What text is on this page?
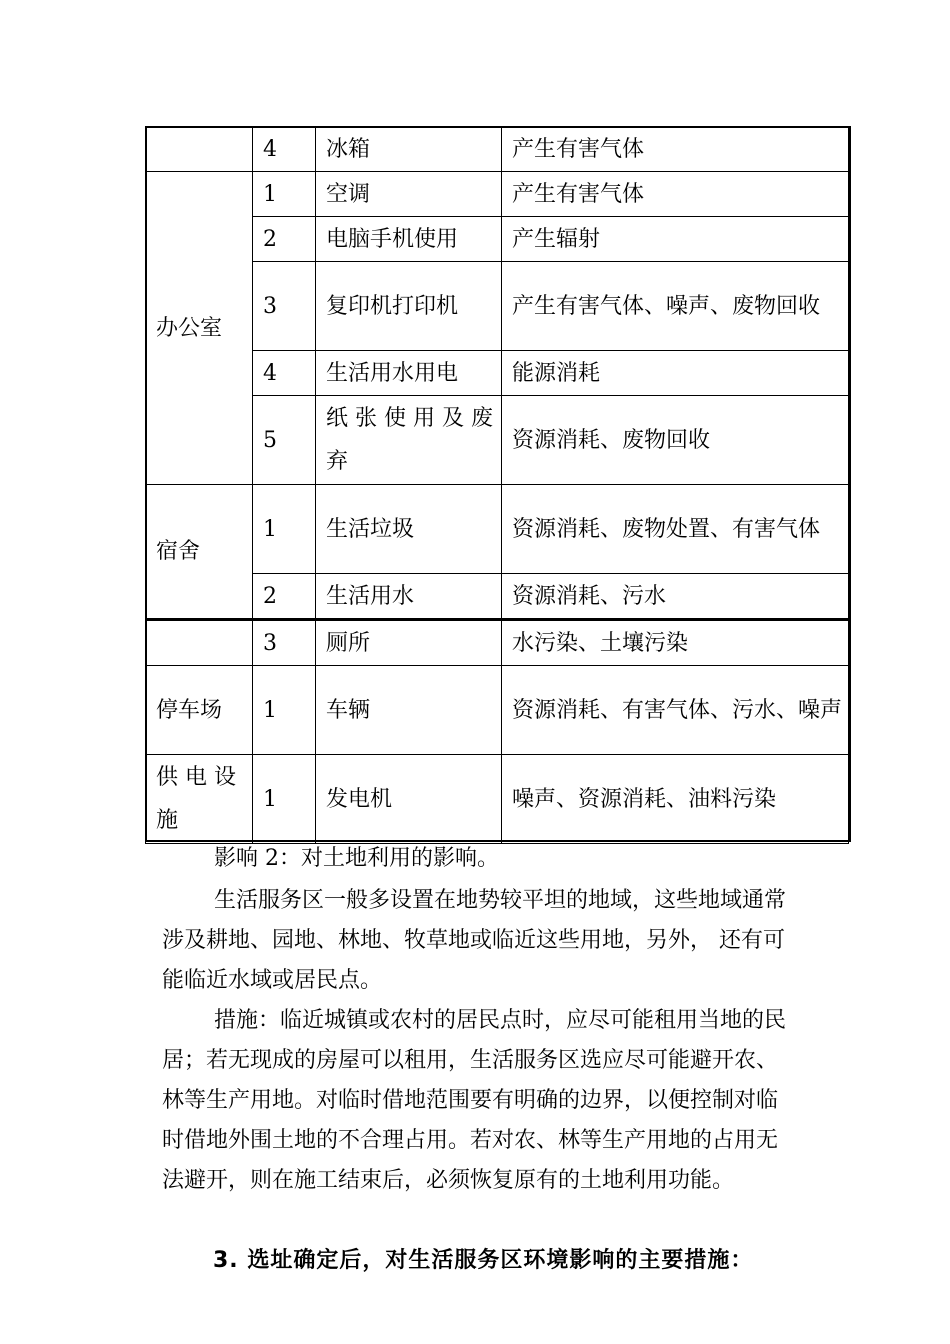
	4	冰箱	产生有害气体
办公室	1	空调	产生有害气体
	2	电脑手机使用	产生辐射
	3	复印机打印机	产生有害气体、噪声、废物回收
	4	生活用水用电	能源消耗
	5	纸张使用及废弃	资源消耗、废物回收
宿舍	1	生活垃圾	资源消耗、废物处置、有害气体
	2	生活用水	资源消耗、污水
	3	厕所	水污染、土壤污染
停车场	1	车辆	资源消耗、有害气体、污水、噪声
供电设施	1	发电机	噪声、资源消耗、油料污染

影响 2：对土地利用的影响。

生活服务区一般多设置在地势较平坦的地域，这些地域通常涉及耕地、园地、林地、牧草地或临近这些用地，另外， 还有可能临近水域或居民点。

措施：临近城镇或农村的居民点时，应尽可能租用当地的民居；若无现成的房屋可以租用，生活服务区选应尽可能避开农、林等生产用地。对临时借地范围要有明确的边界，以便控制对临时借地外围土地的不合理占用。若对农、林等生产用地的占用无法避开，则在施工结束后，必须恢复原有的土地利用功能。

3. 选址确定后，对生活服务区环境影响的主要措施：
